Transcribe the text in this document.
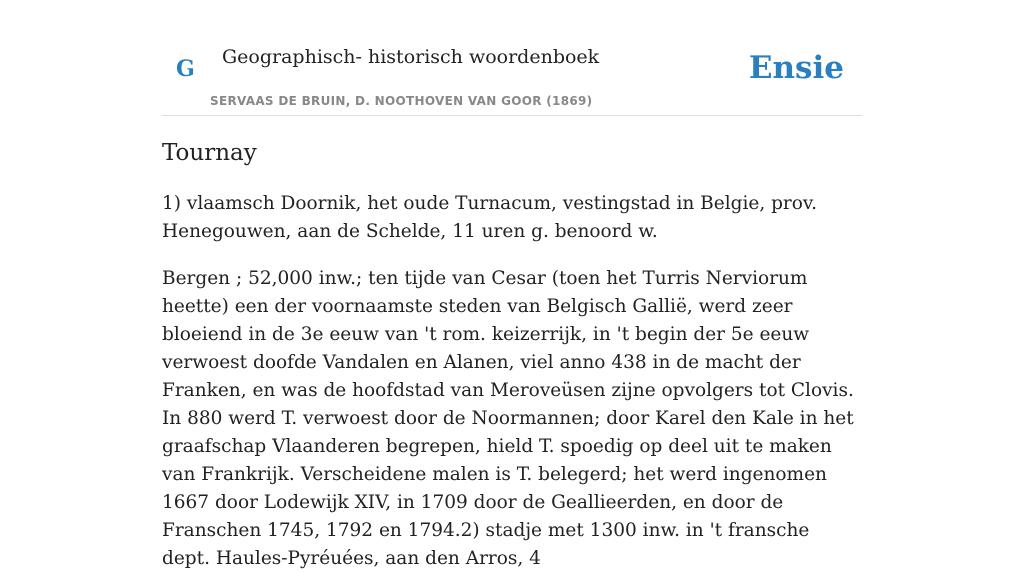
G Geographisch- historisch woordenboek
SERVAAS DE BRUIN, D. NOOTHOVEN VAN GOOR (1869)
Ensie
Tournay

1) vlaamsch Doornik, het oude Turnacum, vestingstad in Belgie, prov. Henegouwen, aan de Schelde, 11 uren g. benoord w.

Bergen ; 52,000 inw.; ten tijde van Cesar (toen het Turris Nerviorum heette) een der voornaamste steden van Belgisch Gallië, werd zeer bloeiend in de 3e eeuw van 't rom. keizerrijk, in 't begin der 5e eeuw verwoest doofde Vandalen en Alanen, viel anno 438 in de macht der Franken, en was de hoofdstad van Meroveüsen zijne opvolgers tot Clovis. In 880 werd T. verwoest door de Noormannen; door Karel den Kale in het graafschap Vlaanderen begrepen, hield T. spoedig op deel uit te maken van Frankrijk. Verscheidene malen is T. belegerd; het werd ingenomen 1667 door Lodewijk XIV, in 1709 door de Geallieerden, en door de Franschen 1745, 1792 en 1794.2) stadje met 1300 inw. in 't fransche dept. Haules-Pyréuées, aan den Arros, 4
